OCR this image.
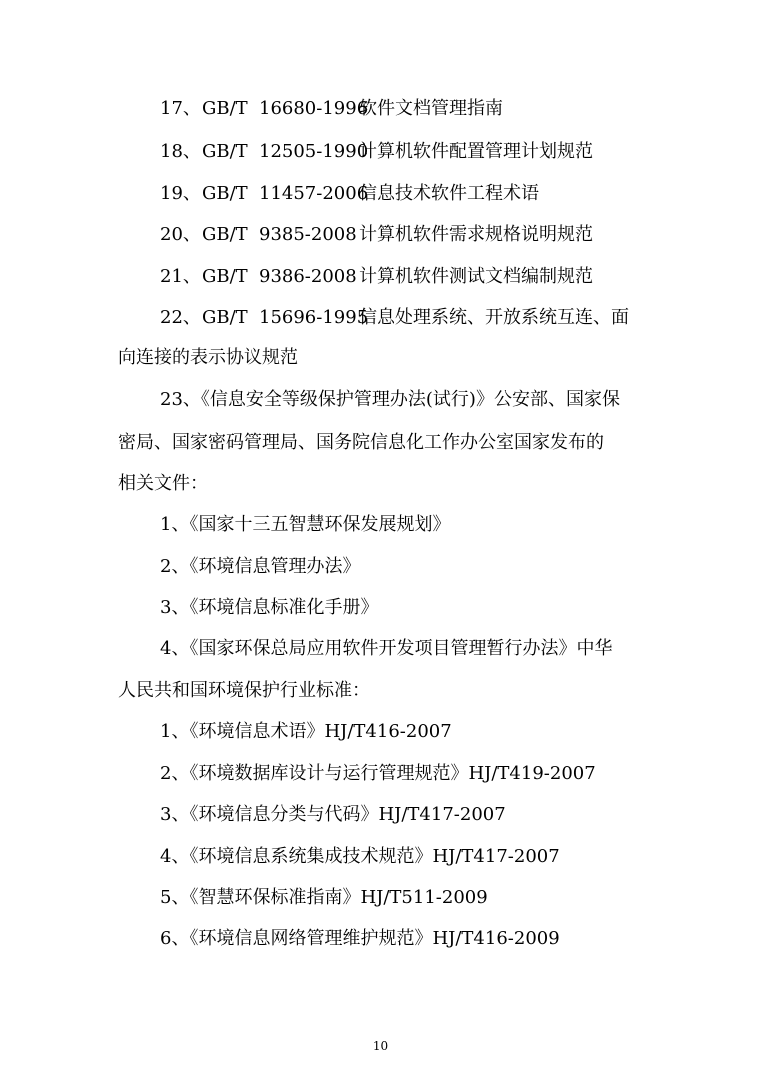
17、GB/T 16680-1996软件文档管理指南
18、GB/T 12505-1990计算机软件配置管理计划规范
19、GB/T 11457-2006信息技术软件工程术语
20、GB/T 9385-2008 计算机软件需求规格说明规范
21、GB/T 9386-2008 计算机软件测试文档编制规范
22、GB/T 15696-1995信息处理系统、开放系统互连、面
向连接的表示协议规范
23、《信息安全等级保护管理办法(试行)》公安部、国家保
密局、国家密码管理局、国务院信息化工作办公室国家发布的
相关文件：
1、《国家十三五智慧环保发展规划》
2、《环境信息管理办法》
3、《环境信息标准化手册》
4、《国家环保总局应用软件开发项目管理暂行办法》中华
人民共和国环境保护行业标准：
1、《环境信息术语》HJ/T416-2007
2、《环境数据库设计与运行管理规范》HJ/T419-2007
3、《环境信息分类与代码》HJ/T417-2007
4、《环境信息系统集成技术规范》HJ/T417-2007
5、《智慧环保标准指南》HJ/T511-2009
6、《环境信息网络管理维护规范》HJ/T416-2009
10
